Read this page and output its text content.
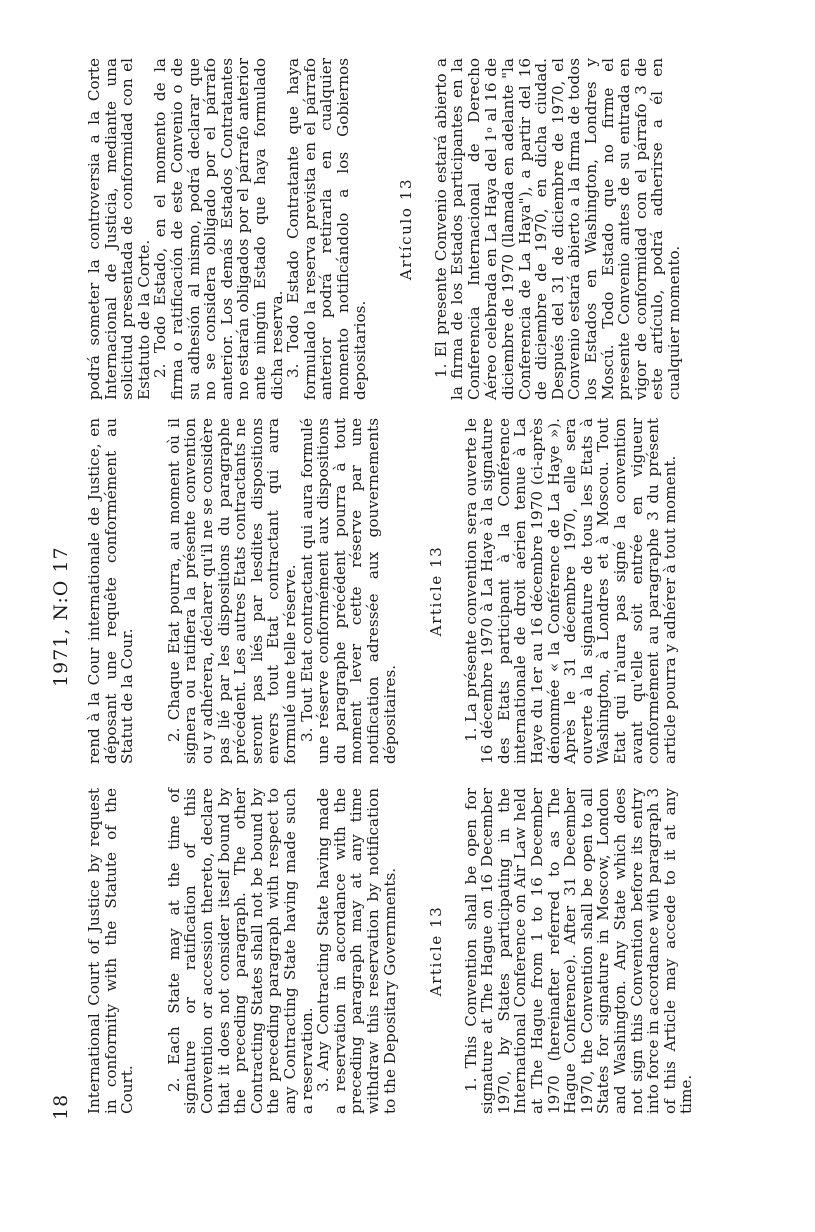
18
1971, N:O 17

International Court of Justice by request in conformity with the Statute of the Court. 2. Each State may at the time of signature or ratification of this Convention or accession thereto, declare that it does not consider itself bound by the preceding paragraph. The other Contracting States shall not be bound by the preceding paragraph with respect to any Contracting State having made such a reservation.

3. Any Contracting State having made a reservation in accordance with the preceding paragraph may at any time withdraw this reservation by notification to the Depositary Governments. Article 13 1. This Convention shall be open for signature at The Hague on 16 December 1970, by States participating in the International Conference on Air Law held at The Hague from 1 to 16 December 1970 (hereinafter referred to as The Hague Conference). After 31 December 1970, the Convention shall be open to all States for signature in Moscow, London and Washington. Any State which does not sign this Convention before its entry into force in accordance with paragraph 3 of this Article may accede to it at any time.

rend à la Cour internationale de Justice, en déposant une requête conformément au Statut de la Cour. 2. Chaque Etat pourra, au moment où il signera ou ratifiera la présente convention ou y adhérera, déclarer qu'il ne se considère pas lié par les dispositions du paragraphe précédent. Les autres Etats contractants ne seront pas liés par lesdites dispositions envers tout Etat contractant qui aura formulé une telle réserve.

3. Tout Etat contractant qui aura formulé une réserve conformément aux dispositions du paragraphe précédent pourra à tout moment lever cette réserve par une notification adressée aux gouvernements dépositaires.

Article 13 1. La présente convention sera ouverte le 16 décembre 1970 à La Haye à la signature des Etats participant à la Conférence internationale de droit aérien tenue à La Haye du 1er au 16 décembre 1970 (ci-après dénommée « la Conférence de La Haye »). Après le 31 décembre 1970, elle sera ouverte à la signature de tous les Etats à Washington, à Londres et à Moscou. Tout Etat qui n'aura pas signé la convention avant qu'elle soit entrée en vigueur conformément au paragraphe 3 du présent article pourra y adhérer à tout moment.

podrá someter la controversia a la Corte Internacional de Justicia, mediante una solicitud presentada de conformidad con el Estatuto de la Corte.

2. Todo Estado, en el momento de la firma o ratificación de este Convenio o de su adhesión al mismo, podrá declarar que no se considera obligado por el párrafo anterior. Los demás Estados Contratantes no estarán obligados por el párrafo anterior ante ningún Estado que haya formulado dicha reserva.

3. Todo Estado Contratante que haya formulado la reserva prevista en el párrafo anterior podrá retirarla en cualquier momento notificándolo a los Gobiernos depositarios.

Artículo 13 1. El presente Convenio estará abierto a la firma de los Estados participantes en la Conferencia Internacional de Derecho Aéreo celebrada en La Haya del 1$^o$ al 16 de diciembre de 1970 (llamada en adelante "la Conferencia de La Haya"), a partir del 16 de diciembre de 1970, en dicha ciudad. Después del 31 de diciembre de 1970, el Convenio estará abierto a la firma de todos los Estados en Washington, Londres y Moscú. Todo Estado que no firme el presente Convenio antes de su entrada en vigor de conformidad con el párrafo 3 de este artículo, podrá adherirse a él en cualquier momento.
